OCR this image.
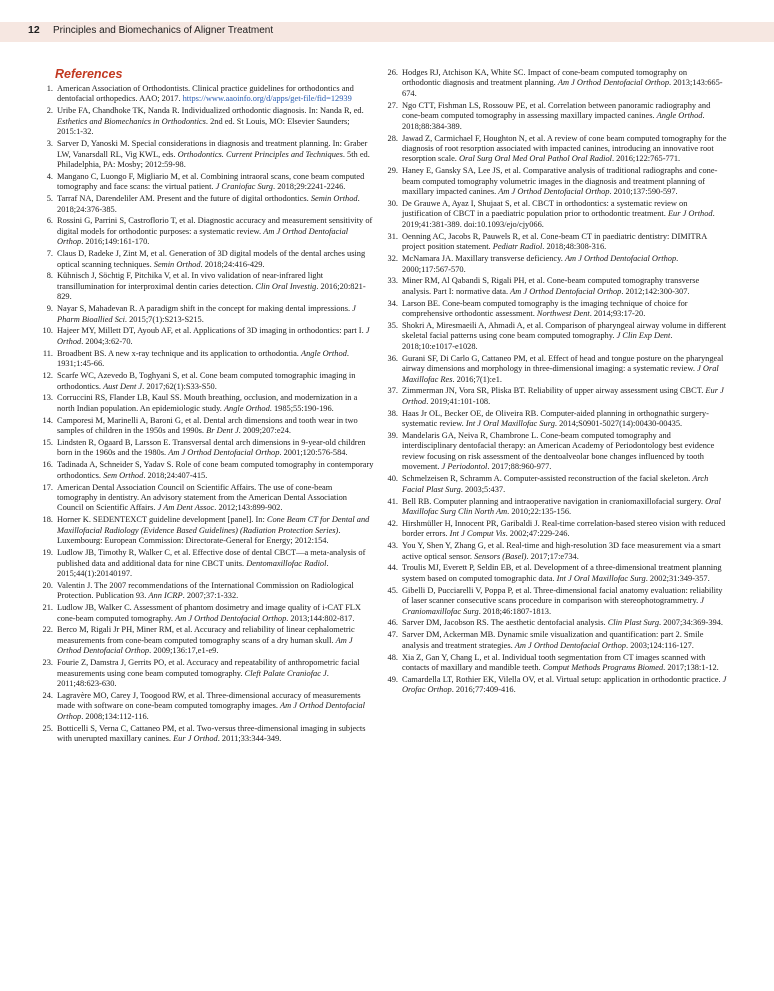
12 Principles and Biomechanics of Aligner Treatment
References
1. American Association of Orthodontists. Clinical practice guidelines for orthodontics and dentofacial orthopedics. AAO; 2017. https://www.aaoinfo.org/d/apps/get-file/fid=12939
2. Uribe FA, Chandhoke TK, Nanda R. Individualized orthodontic diagnosis. In: Nanda R, ed. Esthetics and Biomechanics in Orthodontics. 2nd ed. St Louis, MO: Elsevier Saunders; 2015:1-32.
3. Sarver D, Yanoski M. Special considerations in diagnosis and treatment planning. In: Graber LW, Vanarsdall RL, Vig KWL, eds. Orthodontics. Current Principles and Techniques. 5th ed. Philadelphia, PA: Mosby; 2012:59-98.
4. Mangano C, Luongo F, Migliario M, et al. Combining intraoral scans, cone beam computed tomography and face scans: the virtual patient. J Craniofac Surg. 2018;29:2241-2246.
5. Tarraf NA, Darendeliler AM. Present and the future of digital orthodontics. Semin Orthod. 2018;24:376-385.
6. Rossini G, Parrini S, Castroflorio T, et al. Diagnostic accuracy and measurement sensitivity of digital models for orthodontic purposes: a systematic review. Am J Orthod Dentofacial Orthop. 2016;149:161-170.
7. Claus D, Radeke J, Zint M, et al. Generation of 3D digital models of the dental arches using optical scanning techniques. Semin Orthod. 2018;24:416-429.
8. Kühnisch J, Söchtig F, Pitchika V, et al. In vivo validation of near-infrared light transillumination for interproximal dentin caries detection. Clin Oral Investig. 2016;20:821-829.
9. Nayar S, Mahadevan R. A paradigm shift in the concept for making dental impressions. J Pharm Bioallied Sci. 2015;7(1):S213-S215.
10. Hajeer MY, Millett DT, Ayoub AF, et al. Applications of 3D imaging in orthodontics: part I. J Orthod. 2004;3:62-70.
11. Broadbent BS. A new x-ray technique and its application to orthodontia. Angle Orthod. 1931;1:45-66.
12. Scarfe WC, Azevedo B, Toghyani S, et al. Cone beam computed tomographic imaging in orthodontics. Aust Dent J. 2017;62(1):S33-S50.
13. Corruccini RS, Flander LB, Kaul SS. Mouth breathing, occlusion, and modernization in a north Indian population. An epidemiologic study. Angle Orthod. 1985;55:190-196.
14. Camporesi M, Marinelli A, Baroni G, et al. Dental arch dimensions and tooth wear in two samples of children in the 1950s and 1990s. Br Dent J. 2009;207:e24.
15. Lindsten R, Ogaard B, Larsson E. Transversal dental arch dimensions in 9-year-old children born in the 1960s and the 1980s. Am J Orthod Dentofacial Orthop. 2001;120:576-584.
16. Tadinada A, Schneider S, Yadav S. Role of cone beam computed tomography in contemporary orthodontics. Sem Orthod. 2018;24:407-415.
17. American Dental Association Council on Scientific Affairs. The use of cone-beam tomography in dentistry. An advisory statement from the American Dental Association Council on Scientific Affairs. J Am Dent Assoc. 2012;143:899-902.
18. Horner K. SEDENTEXCT guideline development [panel]. In: Cone Beam CT for Dental and Maxillofacial Radiology (Evidence Based Guidelines) (Radiation Protection Series). Luxembourg: European Commission: Directorate-General for Energy; 2012:154.
19. Ludlow JB, Timothy R, Walker C, et al. Effective dose of dental CBCT—a meta-analysis of published data and additional data for nine CBCT units. Dentomaxillofac Radiol. 2015;44(1):20140197.
20. Valentin J. The 2007 recommendations of the International Commission on Radiological Protection. Publication 93. Ann ICRP. 2007;37:1-332.
21. Ludlow JB, Walker C. Assessment of phantom dosimetry and image quality of i-CAT FLX cone-beam computed tomography. Am J Orthod Dentofacial Orthop. 2013;144:802-817.
22. Berco M, Rigali Jr PH, Miner RM, et al. Accuracy and reliability of linear cephalometric measurements from cone-beam computed tomography scans of a dry human skull. Am J Orthod Dentofacial Orthop. 2009;136:17,e1-e9.
23. Fourie Z, Damstra J, Gerrits PO, et al. Accuracy and repeatability of anthropometric facial measurements using cone beam computed tomography. Cleft Palate Craniofac J. 2011;48:623-630.
24. Lagravère MO, Carey J, Toogood RW, et al. Three-dimensional accuracy of measurements made with software on cone-beam computed tomography images. Am J Orthod Dentofacial Orthop. 2008;134:112-116.
25. Botticelli S, Verna C, Cattaneo PM, et al. Two-versus three-dimensional imaging in subjects with unerupted maxillary canines. Eur J Orthod. 2011;33:344-349.
26. Hodges RJ, Atchison KA, White SC. Impact of cone-beam computed tomography on orthodontic diagnosis and treatment planning. Am J Orthod Dentofacial Orthop. 2013;143:665-674.
27. Ngo CTT, Fishman LS, Rossouw PE, et al. Correlation between panoramic radiography and cone-beam computed tomography in assessing maxillary impacted canines. Angle Orthod. 2018;88:384-389.
28. Jawad Z, Carmichael F, Houghton N, et al. A review of cone beam computed tomography for the diagnosis of root resorption associated with impacted canines, introducing an innovative root resorption scale. Oral Surg Oral Med Oral Pathol Oral Radiol. 2016;122:765-771.
29. Haney E, Gansky SA, Lee JS, et al. Comparative analysis of traditional radiographs and cone-beam computed tomography volumetric images in the diagnosis and treatment planning of maxillary impacted canines. Am J Orthod Dentofacial Orthop. 2010;137:590-597.
30. De Grauwe A, Ayaz I, Shujaat S, et al. CBCT in orthodontics: a systematic review on justification of CBCT in a paediatric population prior to orthodontic treatment. Eur J Orthod. 2019;41:381-389. doi:10.1093/ejo/cjy066.
31. Oenning AC, Jacobs R, Pauwels R, et al. Cone-beam CT in paediatric dentistry: DIMITRA project position statement. Pediatr Radiol. 2018;48:308-316.
32. McNamara JA. Maxillary transverse deficiency. Am J Orthod Dentofacial Orthop. 2000;117:567-570.
33. Miner RM, Al Qabandi S, Rigali PH, et al. Cone-beam computed tomography transverse analysis. Part I: normative data. Am J Orthod Dentofacial Orthop. 2012;142:300-307.
34. Larson BE. Cone-beam computed tomography is the imaging technique of choice for comprehensive orthodontic assessment. Northwest Dent. 2014;93:17-20.
35. Shokri A, Miresmaeili A, Ahmadi A, et al. Comparison of pharyngeal airway volume in different skeletal facial patterns using cone beam computed tomography. J Clin Exp Dent. 2018;10:e1017-e1028.
36. Gurani SF, Di Carlo G, Cattaneo PM, et al. Effect of head and tongue posture on the pharyngeal airway dimensions and morphology in three-dimensional imaging: a systematic review. J Oral Maxillofac Res. 2016;7(1):e1.
37. Zimmerman JN, Vora SR, Pliska BT. Reliability of upper airway assessment using CBCT. Eur J Orthod. 2019;41:101-108.
38. Haas Jr OL, Becker OE, de Oliveira RB. Computer-aided planning in orthognathic surgery-systematic review. Int J Oral Maxillofac Surg. 2014;S0901-5027(14):00430-00435.
39. Mandelaris GA, Neiva R, Chambrone L. Cone-beam computed tomography and interdisciplinary dentofacial therapy: an American Academy of Periodontology best evidence review focusing on risk assessment of the dentoalveolar bone changes influenced by tooth movement. J Periodontol. 2017;88:960-977.
40. Schmelzeisen R, Schramm A. Computer-assisted reconstruction of the facial skeleton. Arch Facial Plast Surg. 2003;5:437.
41. Bell RB. Computer planning and intraoperative navigation in craniomaxillofacial surgery. Oral Maxillofac Surg Clin North Am. 2010;22:135-156.
42. Hirshmüller H, Innocent PR, Garibaldi J. Real-time correlation-based stereo vision with reduced border errors. Int J Comput Vis. 2002;47:229-246.
43. You Y, Shen Y, Zhang G, et al. Real-time and high-resolution 3D face measurement via a smart active optical sensor. Sensors (Basel). 2017;17:e734.
44. Troulis MJ, Everett P, Seldin EB, et al. Development of a three-dimensional treatment planning system based on computed tomographic data. Int J Oral Maxillofac Surg. 2002;31:349-357.
45. Gibelli D, Pucciarelli V, Poppa P, et al. Three-dimensional facial anatomy evaluation: reliability of laser scanner consecutive scans procedure in comparison with stereophotogrammetry. J Craniomaxillofac Surg. 2018;46:1807-1813.
46. Sarver DM, Jacobson RS. The aesthetic dentofacial analysis. Clin Plast Surg. 2007;34:369-394.
47. Sarver DM, Ackerman MB. Dynamic smile visualization and quantification: part 2. Smile analysis and treatment strategies. Am J Orthod Dentofacial Orthop. 2003;124:116-127.
48. Xia Z, Gan Y, Chang L, et al. Individual tooth segmentation from CT images scanned with contacts of maxillary and mandible teeth. Comput Methods Programs Biomed. 2017;138:1-12.
49. Camardella LT, Rothier EK, Vilella OV, et al. Virtual setup: application in orthodontic practice. J Orofac Orthop. 2016;77:409-416.
